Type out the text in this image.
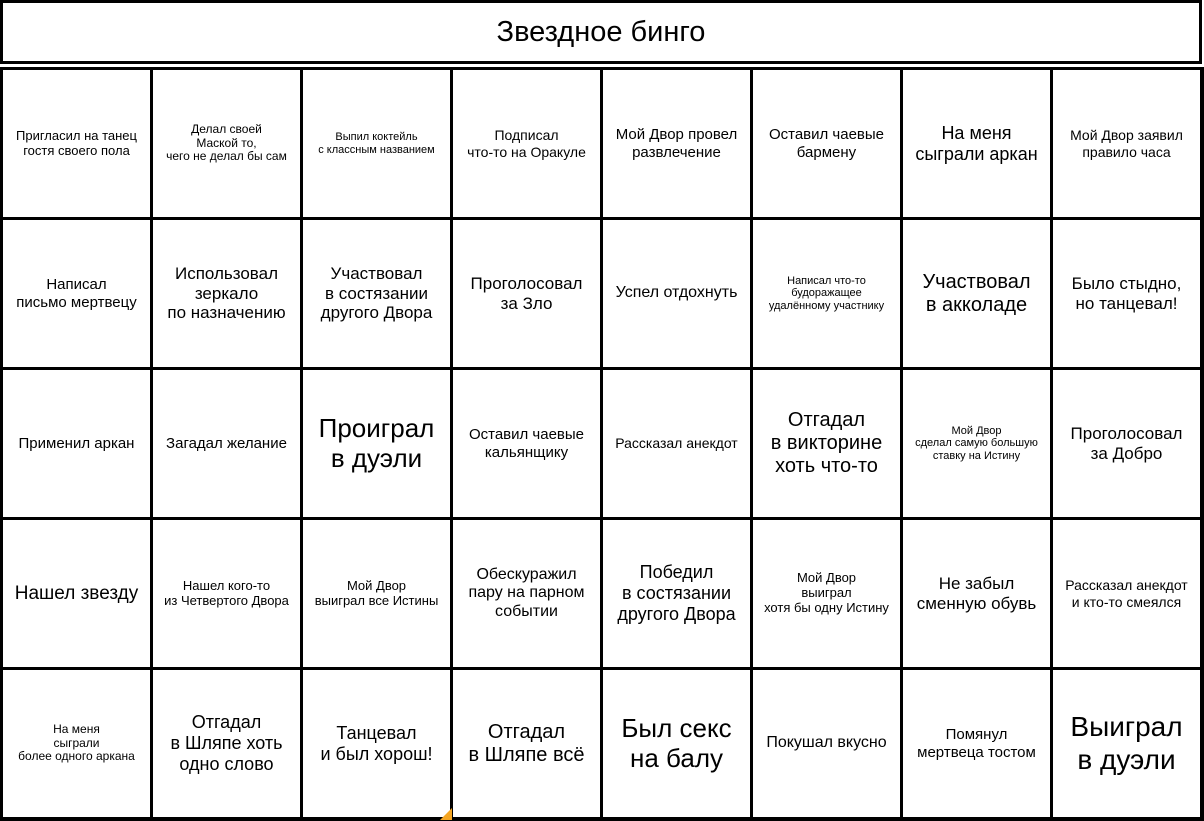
Звездное бинго
Пригласил на танец
гостя своего пола
Делал своей
Маской то,
чего не делал бы сам
Выпил коктейль
с классным названием
Подписал
что-то на Оракуле
Мой Двор провел
развлечение
Оставил чаевые
бармену
На меня
сыграли аркан
Мой Двор заявил
правило часа
Написал
письмо мертвецу
Использовал
зеркало
по назначению
Участвовал
в состязании
другого Двора
Проголосовал
за Зло
Успел отдохнуть
Написал что-то
будоражащее
удалённому участнику
Участвовал
в акколаде
Было стыдно,
но танцевал!
Применил аркан	Загадал желание
Проиграл
в дуэли
Оставил чаевые
кальянщику
Рассказал анекдот
Отгадал
в викторине
хоть что-то
Мой Двор
сделал самую большую
ставку на Истину
Проголосовал
за Добро
Нашел звезду	Нашел кого-то
из Четвертого Двора
Мой Двор
выиграл все Истины
Обескуражил
пару на парном
событии
Победил
в состязании
другого Двора
Мой Двор
выиграл
хотя бы одну Истину
Не забыл
сменную обувь
Рассказал анекдот
и кто-то смеялся
На меня
сыграли
более одного аркана
Отгадал
в Шляпе хоть
одно слово
Танцевал
и был хорош!
Отгадал
в Шляпе всё
Был секс
на балу	Покушал вкусно	Помянул
мертвеца тостом
Выиграл
в дуэли
